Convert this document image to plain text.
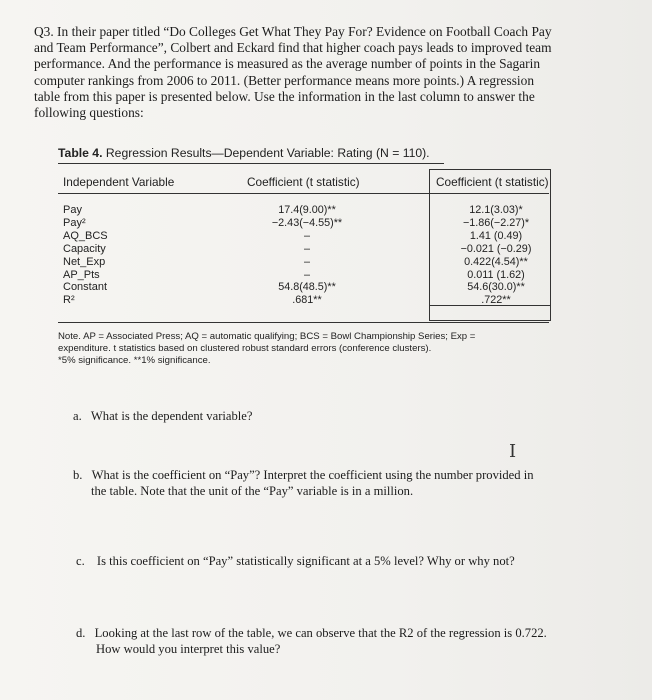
Q3. In their paper titled “Do Colleges Get What They Pay For? Evidence on Football Coach Pay
and Team Performance”, Colbert and Eckard find that higher coach pays leads to improved team
performance. And the performance is measured as the average number of points in the Sagarin
computer rankings from 2006 to 2011. (Better performance means more points.) A regression
table from this paper is presented below. Use the information in the last column to answer the
following questions:
Table 4. Regression Results—Dependent Variable: Rating (N = 110).
Independent Variable	Coefficient (t statistic)	Coefficient (t statistic)
Pay
Pay²
AQ_BCS
Capacity
Net_Exp
AP_Pts
Constant
R²
17.4(9.00)**
−2.43(−4.55)**
–
–
–
–
54.8(48.5)**
.681**
12.1(3.03)*
−1.86(−2.27)*
1.41 (0.49)
−0.021 (−0.29)
0.422(4.54)**
0.011 (1.62)
54.6(30.0)**
.722**
Note. AP = Associated Press; AQ = automatic qualifying; BCS = Bowl Championship Series; Exp =
expenditure. t statistics based on clustered robust standard errors (conference clusters).
*5% significance. **1% significance.
a. What is the dependent variable?
b. What is the coefficient on “Pay”? Interpret the coefficient using the number provided in
the table. Note that the unit of the “Pay” variable is in a million.
c. Is this coefficient on “Pay” statistically significant at a 5% level? Why or why not?
d. Looking at the last row of the table, we can observe that the R2 of the regression is 0.722.
How would you interpret this value?
I
